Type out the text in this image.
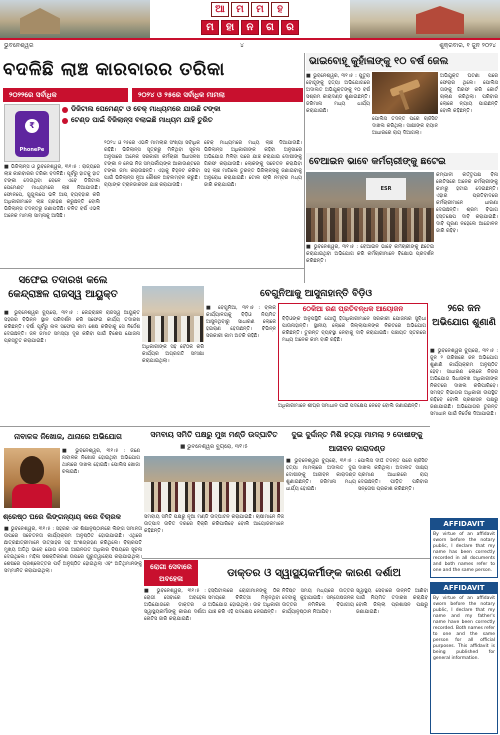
ଆ	ମ	ମ	ହ
ମ	ହା	ନ	ଗ	ର
ଭୁବନେଶ୍ୱର	୪	ଶୁକ୍ରବାର, ୧ ଜୁନ ୨୦୨୪
ବଦଳିଛି ଲାଞ୍ଚ କାରବାରର ତରିକା
୨୦୨୨ରେ ସର୍ବାଧିକ	୨୦୨୪ ଓ ୨୫ରେ ସର୍ବାଧିକ ମାମଲା
₹
PhonePe
ଡିଜିଟାଲ ପେମେଣ୍ଟ ଓ ଚେକ୍ ମାଧ୍ୟମରେ ଯାଉଛି ଟଙ୍କା
ଟେଣ୍ଡ ପାଇଁ ବିଜିଲାନ୍ସ ବଲାଇଛି ମାଧ୍ୟମ ଯାହି ତୁରିତ
■ ଭିଜିଲାନ୍ସ ଓ ଭୁବନେଶ୍ୱର, ୩୧।୫ : ରାଜ୍ୟରେ ଲାଞ୍ଚ କାରବାରର ତରିକା ବଦଳିଛି। ପୂର୍ବରୁ ହାତକୁ ହାତ ଟଙ୍କା ଦେଉଥିବା ବେଳେ ଏବେ ଡିଜିଟାଲ ପେମେଣ୍ଟ ମାଧ୍ୟମରେ ଲାଞ୍ଚ ନିଆଯାଉଛି। ଫୋନପେ, ଗୁଗୁଲପେ ଭଳି ଆପ୍ ବ୍ୟବହାର କରି ଅଧିକାରୀମାନେ ଲାଞ୍ଚ ଗ୍ରହଣ କରୁଛନ୍ତି ବୋଲି ଭିଜିଲାନ୍ସ ତଦନ୍ତରୁ ଜଣାପଡିଛି। ଚଳିତ ବର୍ଷ ଏଭଳି ଅନେକ ମାମଲା ସାମ୍ନାକୁ ଆସିଛି।
୨୦୨୪ ଓ ୨୫ରେ ଏଭଳି ମାମଲାର ସଂଖ୍ୟା ସର୍ବାଧିକ ରହିଛି। ଭିଜିଲାନ୍ସ ସୂତ୍ରରୁ ମିଳିଥିବା ସୂଚନା ଅନୁସାରେ ଅନେକ ସରକାରୀ କର୍ମଚାରୀ ସିଧାସଳଖ ଟଙ୍କା ନ ନେଇ ନିଜ ସମ୍ପର୍କୀୟଙ୍କ ଆକାଉଣ୍ଟରେ ଟଙ୍କା ଜମା କରାଉଛନ୍ତି। ଏହାକୁ ଚିହ୍ନଟ କରିବା ପାଇଁ ଭିଜିଲାନ୍ସ ନୂଆ କୌଶଳ ଅବଲମ୍ବନ କରୁଛି। ବ୍ୟାଙ୍କ ଟ୍ରାନଜାକସନ ଯାଞ୍ଚ କରାଯାଉଛି।
ଚେକ୍ ମାଧ୍ୟମରେ ମଧ୍ୟ ଲାଞ୍ଚ ଦିଆଯାଉଛି। ଭିଜିଲାନ୍ସ ଅଧିକାରୀଙ୍କ କହିବା ଅନୁସାରେ ଅଭିଯୋଗ ମିଳିବା ପରେ ଯାଞ୍ଚ କରାଯାଇ ଦୋଷୀଙ୍କୁ ଗିରଫ କରାଯାଉଛି। ଲୋକଙ୍କୁ ସଚେତନ କରାଯିବା ସହ ଲାଞ୍ଚ ମାଗିଲେ ତୁରନ୍ତ ଭିଜିଲାନ୍ସକୁ ଜଣାଇବାକୁ ଅନୁରୋଧ କରାଯାଇଛି। ଟୋଲ ଫ୍ରି ନମ୍ବର ମଧ୍ୟ ଜାରି କରାଯାଇଛି।
ଭାଇବୋହୂ କୁହାଁଳାଙ୍କୁ ୧୦ ବର୍ଷ ଜେଲ
■ ଭୁବନେଶ୍ୱର, ୩୧।୫ : ପୁତୁରା ବୋହୂଙ୍କୁ ହତ୍ୟା ଅଭିଯୋଗରେ ଅଦାଲତ ଅଭିଯୁକ୍ତଙ୍କୁ ୧୦ ବର୍ଷ ସଶ୍ରମ କାରାଦଣ୍ଡ ଶୁଣାଇଛନ୍ତି। ଜରିମାନା ମଧ୍ୟ ଧାର୍ଯ୍ୟ କରାଯାଇଛି।
ପୋଲିସ ତଦନ୍ତ ପରେ ଚାର୍ଜସିଟ ଦାଖଲ କରିଥିଲା। ସାକ୍ଷୀଙ୍କ ବୟାନ ଆଧାରରେ ରାୟ ଦିଆଗଲା।
ଅଭିଯୁକ୍ତ ଘଟଣା ପରେ ଫେରାର ଥିଲେ। ପୋଲିସ ତାଙ୍କୁ ଗିରଫ କରି କୋର୍ଟ ଚାଲାଣ କରିଥିଲା। ପରିବାର ଲୋକେ ନ୍ୟାୟ ପାଇଛନ୍ତି ବୋଲି କହିଛନ୍ତି।
ବେଆଇନ ଭାବେ କର୍ମଚାରୀଙ୍କୁ ଛଟେଇ
ESR
■ ଭୁବନେଶ୍ୱର, ୩୧।୫ : ବେଆଇନ ଭାବେ କର୍ମଚାରୀଙ୍କୁ ଛଟେଇ କରାଯାଇଥିବା ଅଭିଯୋଗ କରି କର୍ମଚାରୀମାନେ ବିକ୍ଷୋଭ ପ୍ରଦର୍ଶନ କରିଛନ୍ତି।
କମ୍ପାନୀ କର୍ତ୍ତୃପକ୍ଷ ବିନା ନୋଟିସରେ ଅନେକ କର୍ମଚାରୀଙ୍କୁ କାମରୁ ହଟାଇ ଦେଇଛନ୍ତି। ଏହାର ପ୍ରତିବାଦରେ କର୍ମଚାରୀମାନେ ଧାରଣା ଦେଇଛନ୍ତି। ଶ୍ରମ ବିଭାଗ ହସ୍ତକ୍ଷେପ ଦାବି କରାଯାଇଛି। ଦାବି ପୂରଣ ନହେଲେ ଆନ୍ଦୋଳନ ଜାରି ରହିବ।
ସଫେଇ ତଦାରଖ କଲେ କେନ୍ଦ୍ରାଞ୍ଚଳ ରାଜସ୍ୱ ଆୟୁକ୍ତ
■ ଭୁବନେଶ୍ୱର ବ୍ୟୁରୋ, ୩୧।୫ : କେନ୍ଦ୍ରାଞ୍ଚଳ ରାଜସ୍ୱ ଆୟୁକ୍ତ ସହରର ବିଭିନ୍ନ ସ୍ଥାନ ପରିଦର୍ଶନ କରି ସଫେଇ କାର୍ଯ୍ୟ ତଦାରଖ କରିଛନ୍ତି। ବର୍ଷା ପୂର୍ବରୁ ନାଳ ସଫେଇ କାମ ଶେଷ କରିବାକୁ ସେ ନିର୍ଦ୍ଦେଶ ଦେଇଛନ୍ତି। ଜଳ ଜମାଟ ସମସ୍ୟା ଦୂର କରିବା ପାଇଁ ବିଶେଷ ଯୋଜନା ପ୍ରସ୍ତୁତ କରାଯାଇଛି।
ଅଧିକାରୀଙ୍କ ସହ ବୈଠକ କରି କାର୍ଯ୍ୟର ଅଗ୍ରଗତି ସମୀକ୍ଷା କରାଯାଇଥିଲା।
ବେଗୁନିଆକୁ ଆସୁନାହାନ୍ତି ବିଡ଼ିଓ
■ ବେଗୁନିଆ, ୩୧।୫ : ବ୍ଲକ କାର୍ଯ୍ୟାଳୟକୁ ବିଡ଼ିଓ ନିୟମିତ ଆସୁନଥିବାରୁ ସାଧାରଣ ଲୋକେ ହଇରାଣ ହେଉଛନ୍ତି। ବିଭିନ୍ନ ସରକାରୀ କାମ ଅଟକି ରହିଛି।
ଠେକିଆ ରଣ ପ୍ରତିବନ୍ଧକ ଆୟୋଜନ
ବିଡ଼ିଓଙ୍କ ଅନୁପସ୍ଥିତି ଯୋଗୁଁ ହିତାଧିକାରୀମାନେ ସରକାରୀ ଯୋଜନାର ସୁବିଧା ପାଉନାହାନ୍ତି। ସ୍ଥାନୀୟ ଲୋକେ ଜିଲ୍ଲାପାଳଙ୍କ ନିକଟରେ ଅଭିଯୋଗ କରିଛନ୍ତି। ତୁରନ୍ତ ବ୍ୟବସ୍ଥା ନେବାକୁ ଦାବି କରାଯାଇଛି। ପଞ୍ଚାୟତ ସ୍ତରରେ ମଧ୍ୟ ଅନେକ କାମ ବାକି ରହିଛି।
ଅଧିକାରୀମାନେ ଶୀଘ୍ର ସମାଧାନ ପାଇଁ ପଦକ୍ଷେପ ନେବେ ବୋଲି ଜଣାଇଛନ୍ତି।
୨ରେ ଜନ ଅଭିଯୋଗ ଶୁଣାଣି
■ ଭୁବନେଶ୍ୱର ବ୍ୟୁରୋ, ୩୧।୫ : ଜୁନ ୨ ତାରିଖରେ ଜନ ଅଭିଯୋଗ ଶୁଣାଣି କାର୍ଯ୍ୟକ୍ରମ ଅନୁଷ୍ଠିତ ହେବ। ସାଧାରଣ ଲୋକେ ନିଜର ଅଭିଯୋଗ ସିଧାସଳଖ ଅଧିକାରୀଙ୍କ ନିକଟରେ ଦାଖଲ କରିପାରିବେ। ସମସ୍ତ ବିଭାଗର ଅଧିକାରୀ ଉପସ୍ଥିତ ରହିବେ ବୋଲି ପ୍ରଶାସନ ପକ୍ଷରୁ ଜଣାଯାଇଛି। ଅଭିଯୋଗର ତୁରନ୍ତ ସମାଧାନ ପାଇଁ ନିର୍ଦ୍ଦେଶ ଦିଆଯାଇଛି।
AFFIDAVIT
By virtue of an affidavit sworn before the notary public, I declare that my name has been correctly recorded in all documents and both names refer to one and the same person.
AFFIDAVIT
By virtue of an affidavit sworn before the notary public, I declare that my name and my father's name have been correctly recorded. Both names refer to one and the same person for all official purposes. This affidavit is being published for general information.
ନାବାଳକ ନିଖୋଜ, ଥାନାରେ ଅଭିଯୋଗ
■ ଭୁବନେଶ୍ୱର, ୩୧।୫ : ଜଣେ ନାବାଳକ ନିଖୋଜ ହୋଇଥିବା ଅଭିଯୋଗ ଥାନାରେ ଦାଖଲ ହୋଇଛି। ପୋଲିସ ଖୋଜା ଚଳାଇଛି।
ଶ୍ରେଷ୍ଠ ଘରେ ଲିଙ୍ଗନ୍ୟାୟ କରେ ବିଚାରକ
■ ଭୁବନେଶ୍ୱର, ୩୧।୫ : ସହରର ଏକ ଶିକ୍ଷାନୁଷ୍ଠାନରେ ଲିଙ୍ଗ ସମାନତା ଉପରେ ସଚେତନତା କାର୍ଯ୍ୟକ୍ରମ ଅନୁଷ୍ଠିତ ହୋଇଯାଇଛି। ଏଥିରେ ଛାତ୍ରଛାତ୍ରୀମାନେ ଉତ୍ସାହର ସହ ଅଂଶଗ୍ରହଣ କରିଥିଲେ। ବିଚାରପତି ମୁଖ୍ୟ ଅତିଥି ଭାବେ ଯୋଗ ଦେଇ ଆଇନଗତ ଅଧିକାର ବିଷୟରେ ସୂଚନା ଦେଇଥିଲେ। ମହିଳା ସଶକ୍ତିକରଣ ଉପରେ ଗୁରୁତ୍ୱାରୋପ କରାଯାଇଥିଲା। ଶେଷରେ ପ୍ରଶ୍ନୋତ୍ତର ପର୍ବ ଅନୁଷ୍ଠିତ ହୋଇଥିଲା ଏବଂ ଅତିଥିମାନଙ୍କୁ ସମ୍ମାନିତ କରାଯାଇଥିଲା।
ସମବାୟ ସମିତି ପକ୍ଷରୁ ମୁଖ ମଣ୍ଡି ଉଦ୍‌ଘାଟିତ
■ ଭୁବନେଶ୍ୱର ବ୍ୟୁରୋ, ୩୧।୫
ସମବାୟ ସମିତି ପକ୍ଷରୁ ନୂଆ ମଣ୍ଡି ଉଦ୍‌ଘାଟନ କରାଯାଇଛି। ଚାଷୀମାନେ ନିଜ ଉତ୍ପାଦ ଉଚିତ ଦରରେ ବିକ୍ରି କରିପାରିବେ ବୋଲି ଆୟୋଜକମାନେ କହିଛନ୍ତି।
ଦୁଇ ଦୁର୍ଦ୍ଦାନ୍ତ ମିଶି ହତ୍ୟା ମାମଲା ୨ ଦୋଷୀଙ୍କୁ ଆଜୀବନ କାରାଦଣ୍ଡ
■ ଭୁବନେଶ୍ୱର ବ୍ୟୁରୋ, ୩୧।୫ : ହତ୍ୟା ମାମଲାରେ ଅଦାଲତ ଦୁଇ ଦୋଷୀଙ୍କୁ ଆଜୀବନ କାରାଦଣ୍ଡ ଶୁଣାଇଛନ୍ତି। ଜରିମାନା ମଧ୍ୟ ଧାର୍ଯ୍ୟ ହୋଇଛି।
ପୋଲିସ ଦୀର୍ଘ ତଦନ୍ତ ପରେ ଚାର୍ଜସିଟ ଦାଖଲ କରିଥିଲା। ଅଦାଲତ ସାକ୍ଷ୍ୟ ପ୍ରମାଣ ଆଧାରରେ ରାୟ ଦେଇଛନ୍ତି। ପୀଡ଼ିତ ପରିବାର ସନ୍ତୋଷ ପ୍ରକାଶ କରିଛନ୍ତି।
ରୋଗୀ ସେବାରେ ଅବହେଳା	ଡାକ୍ତର ଓ ସ୍ୱାସ୍ଥ୍ୟକର୍ମୀଙ୍କ କାରଣ ଦର୍ଶାଅ
■ ଭୁବନେଶ୍ୱର, ୩୧।୫ : ରୋଗୀ ସେବାରେ ଅବହେଳା ଅଭିଯୋଗରେ ଡାକ୍ତର ଓ ସ୍ୱାସ୍ଥ୍ୟକର୍ମୀଙ୍କୁ କାରଣ ଦର୍ଶାଅ ନୋଟିସ ଜାରି କରାଯାଇଛି।
ହସ୍ପିଟାଲରେ ରୋଗୀମାନଙ୍କୁ ଠିକ ସମୟରେ ଚିକିତ୍ସା ମିଳୁନଥିବା ଅଭିଯୋଗ ହୋଇଥିଲା। ଉଚ୍ଚ ଅଧିକାରୀ ଯାଞ୍ଚ କରି ଏହି ପଦକ୍ଷେପ ନେଇଛନ୍ତି।
ନିର୍ଦ୍ଦିଷ୍ଟ ସମୟ ମଧ୍ୟରେ ଉତ୍ତର ଦେବାକୁ କୁହାଯାଇଛି। ସନ୍ତୋଷଜନକ ଉତ୍ତର ନମିଳିଲେ ବିଭାଗୀୟ କାର୍ଯ୍ୟାନୁଷ୍ଠାନ ନିଆଯିବ।
ସ୍ୱାସ୍ଥ୍ୟ ସେବାରେ ଉନ୍ନତି ଆଣିବା ପାଇଁ ନିୟମିତ ତଦାରଖ କରାଯିବ ବୋଲି ଜିଲ୍ଲା ପ୍ରଶାସନ ପକ୍ଷରୁ ଜଣାଯାଇଛି।
